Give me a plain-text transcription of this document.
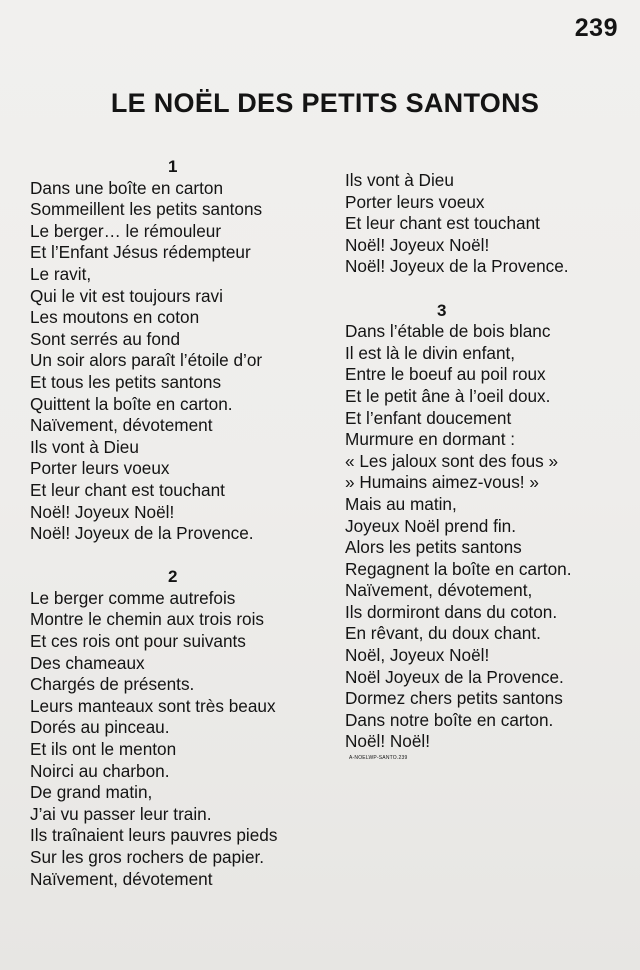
239
LE NOËL DES PETITS SANTONS
1

Dans une boîte en carton

Sommeillent les petits santons

Le berger… le rémouleur

Et l’Enfant Jésus rédempteur

Le ravit,

Qui le vit est toujours ravi

Les moutons en coton

Sont serrés au fond

Un soir alors paraît l’étoile d’or

Et tous les petits santons

Quittent la boîte en carton.

Naïvement, dévotement

Ils vont à Dieu

Porter leurs voeux

Et leur chant est touchant

Noël! Joyeux Noël!

Noël! Joyeux de la Provence.

2

Le berger comme autrefois

Montre le chemin aux trois rois

Et ces rois ont pour suivants

Des chameaux

Chargés de présents.

Leurs manteaux sont très beaux

Dorés au pinceau.

Et ils ont le menton

Noirci au charbon.

De grand matin,

J’ai vu passer leur train.

Ils traînaient leurs pauvres pieds

Sur les gros rochers de papier.

Naïvement, dévotement

Ils vont à Dieu

Porter leurs voeux

Et leur chant est touchant

Noël! Joyeux Noël!

Noël! Joyeux de la Provence.

3

Dans l’étable de bois blanc

Il est là le divin enfant,

Entre le boeuf au poil roux

Et le petit âne à l’oeil doux.

Et l’enfant doucement

Murmure en dormant :

« Les jaloux sont des fous »

» Humains aimez-vous! »

Mais au matin,

Joyeux Noël prend fin.

Alors les petits santons

Regagnent la boîte en carton.

Naïvement, dévotement,

Ils dormiront dans du coton.

En rêvant, du doux chant.

Noël, Joyeux Noël!

Noël Joyeux de la Provence.

Dormez chers petits santons

Dans notre boîte en carton.

Noël! Noël!

A-NOELWP-SANTO.239
